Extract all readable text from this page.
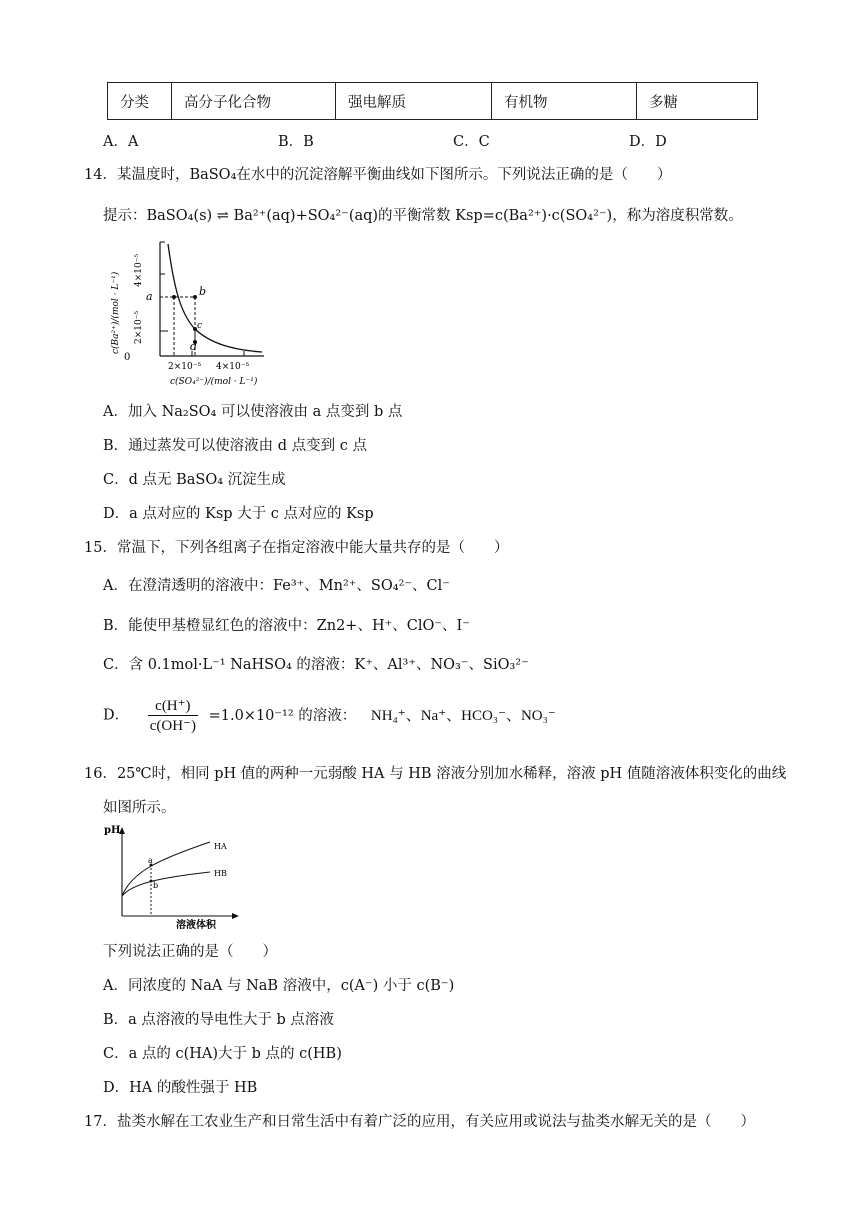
分类	高分子化合物	强电解质	有机物	多糖
A．A	B．B	C．C	D．D
14．某温度时，BaSO₄在水中的沉淀溶解平衡曲线如下图所示。下列说法正确的是（　　）
提示：BaSO₄(s) ⇌ Ba²⁺(aq)+SO₄²⁻(aq)的平衡常数 Ksp=c(Ba²⁺)·c(SO₄²⁻)，称为溶度积常数。
a	b
c
d
2×10⁻⁵
4×10⁻⁵
c(Ba²⁺)/(mol · L⁻¹)
0
2×10⁻⁵ 4×10⁻⁵
c(SO₄²⁻)/(mol · L⁻¹)
A．加入 Na₂SO₄ 可以使溶液由 a 点变到 b 点
B．通过蒸发可以使溶液由 d 点变到 c 点
C．d 点无 BaSO₄ 沉淀生成
D．a 点对应的 Ksp 大于 c 点对应的 Ksp
15．常温下，下列各组离子在指定溶液中能大量共存的是（　　）
A．在澄清透明的溶液中：Fe³⁺、Mn²⁺、SO₄²⁻、Cl⁻
B．能使甲基橙显红色的溶液中：Zn2+、H⁺、ClO⁻、I⁻
C．含 0.1mol·L⁻¹ NaHSO₄ 的溶液：K⁺、Al³⁺、NO₃⁻、SiO₃²⁻
D． $\frac{c(H^+)}{c(OH^-)} =1.0\times 10^{-12}$ 的溶液： NH₄⁺、Na⁺、HCO₃⁻、NO₃⁻
16．25℃时，相同 pH 值的两种一元弱酸 HA 与 HB 溶液分别加水稀释，溶液 pH 值随溶液体积变化的曲线
如图所示。
a
b
HA
HB
pH
溶液体积
下列说法正确的是（　　）
A．同浓度的 NaA 与 NaB 溶液中，c(A⁻) 小于 c(B⁻)
B．a 点溶液的导电性大于 b 点溶液
C．a 点的 c(HA)大于 b 点的 c(HB)
D．HA 的酸性强于 HB
17．盐类水解在工农业生产和日常生活中有着广泛的应用，有关应用或说法与盐类水解无关的是（　　）
